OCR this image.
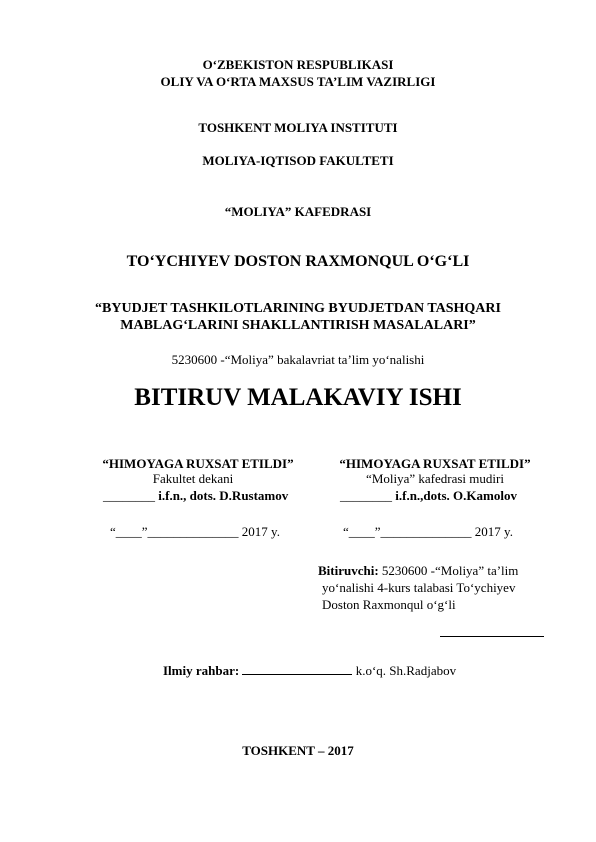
O‘ZBEKISTON RESPUBLIKASI
OLIY VA O‘RTA MAXSUS TA’LIM VAZIRLIGI
TOSHKENT MOLIYA INSTITUTI
MOLIYA-IQTISOD FAKULTETI
“MOLIYA” KAFEDRASI
TO‘YCHIYEV DOSTON RAXMONQUL O‘G‘LI
“BYUDJET TASHKILOTLARINING BYUDJETDAN TASHQARI
MABLAG‘LARINI SHAKLLANTIRISH MASALALARI”
5230600 -“Moliya” bakalavriat ta’lim yo‘nalishi
BITIRUV MALAKAVIY ISHI
“HIMOYAGA RUXSAT ETILDI”
Fakultet dekani
________ i.f.n., dots. D.Rustamov
“____”______________ 2017 y.
“HIMOYAGA RUXSAT ETILDI”
“Moliya” kafedrasi mudiri
________ i.f.n.,dots. O.Kamolov
“____”______________ 2017 y.
Bitiruvchi: 5230600 -“Moliya” ta’lim
yo‘nalishi 4-kurs talabasi To‘ychiyev
Doston Raxmonqul o‘g‘li
Ilmiy rahbar:	k.o‘q. Sh.Radjabov
TOSHKENT – 2017
